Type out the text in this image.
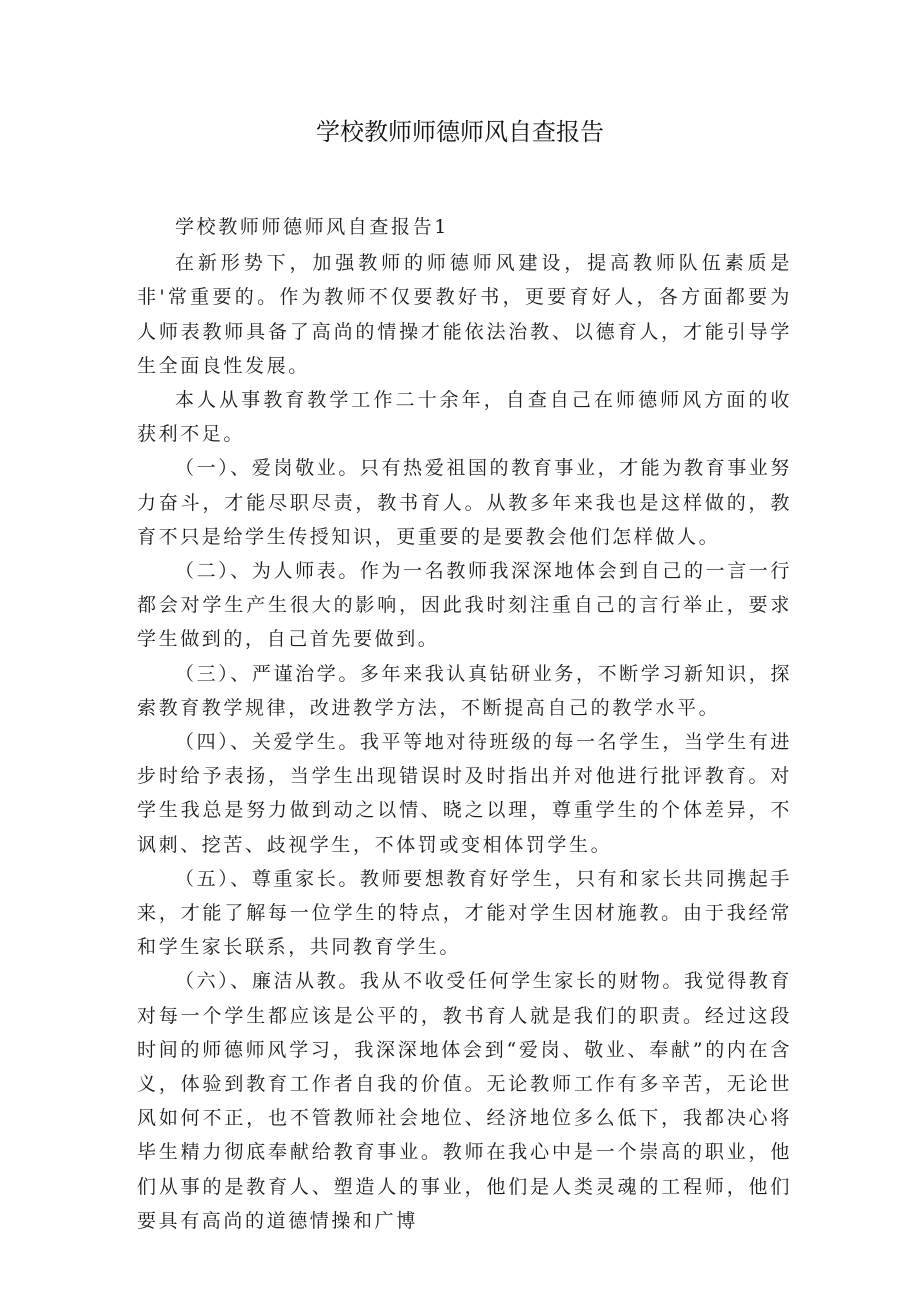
学校教师师德师风自查报告

学校教师师德师风自查报告1

在新形势下，加强教师的师德师风建设，提高教师队伍素质是非'常重要的。作为教师不仅要教好书，更要育好人，各方面都要为人师表教师具备了高尚的情操才能依法治教、以德育人，才能引导学生全面良性发展。

本人从事教育教学工作二十余年，自查自己在师德师风方面的收获利不足。

（一）、爱岗敬业。只有热爱祖国的教育事业，才能为教育事业努力奋斗，才能尽职尽责，教书育人。从教多年来我也是这样做的，教育不只是给学生传授知识，更重要的是要教会他们怎样做人。

（二）、为人师表。作为一名教师我深深地体会到自己的一言一行都会对学生产生很大的影响，因此我时刻注重自己的言行举止，要求学生做到的，自己首先要做到。

（三）、严谨治学。多年来我认真钻研业务，不断学习新知识，探索教育教学规律，改进教学方法，不断提高自己的教学水平。

（四）、关爱学生。我平等地对待班级的每一名学生，当学生有进步时给予表扬，当学生出现错误时及时指出并对他进行批评教育。对学生我总是努力做到动之以情、晓之以理，尊重学生的个体差异，不讽刺、挖苦、歧视学生，不体罚或变相体罚学生。

（五）、尊重家长。教师要想教育好学生，只有和家长共同携起手来，才能了解每一位学生的特点，才能对学生因材施教。由于我经常和学生家长联系，共同教育学生。

（六）、廉洁从教。我从不收受任何学生家长的财物。我觉得教育对每一个学生都应该是公平的，教书育人就是我们的职责。经过这段时间的师德师风学习，我深深地体会到“爱岗、敬业、奉献”的内在含义，体验到教育工作者自我的价值。无论教师工作有多辛苦，无论世风如何不正，也不管教师社会地位、经济地位多么低下，我都决心将毕生精力彻底奉献给教育事业。教师在我心中是一个崇高的职业，他们从事的是教育人、塑造人的事业，他们是人类灵魂的工程师，他们要具有高尚的道德情操和广博
